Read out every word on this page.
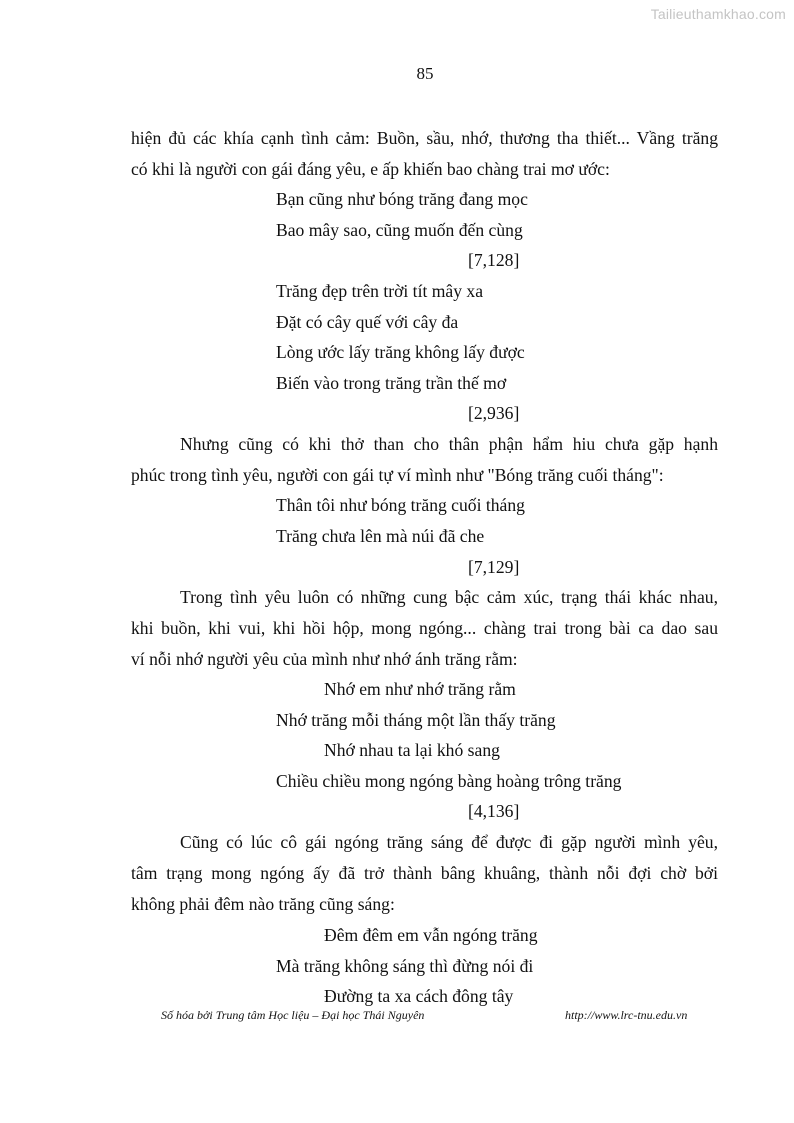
Tailieuthamkhao.com
85
hiện đủ các khía cạnh tình cảm: Buồn, sầu, nhớ, thương tha thiết... Vầng trăng
có khi là người con gái đáng yêu, e ấp khiến bao chàng trai mơ ước:
Bạn cũng như bóng trăng đang mọc
Bao mây sao, cũng muốn đến cùng
[7,128]
Trăng đẹp trên trời tít mây xa
Đặt có cây quế với cây đa
Lòng ước lấy trăng không lấy được
Biến vào trong trăng trần thế mơ
[2,936]
Nhưng cũng có khi thở than cho thân phận hẩm hiu chưa gặp hạnh
phúc trong tình yêu, người con gái tự ví mình như "Bóng trăng cuối tháng":
Thân tôi như bóng trăng cuối tháng
Trăng chưa lên mà núi đã che
[7,129]
Trong tình yêu luôn có những cung bậc cảm xúc, trạng thái khác nhau,
khi buồn, khi vui, khi hồi hộp, mong ngóng... chàng trai trong bài ca dao sau
ví nỗi nhớ người yêu của mình như nhớ ánh trăng rằm:
Nhớ em như nhớ trăng rằm
Nhớ trăng mỗi tháng một lần thấy trăng
Nhớ nhau ta lại khó sang
Chiều chiều mong ngóng bàng hoàng trông trăng
[4,136]
Cũng có lúc cô gái ngóng trăng sáng để được đi gặp người mình yêu,
tâm trạng mong ngóng ấy đã trở thành bâng khuâng, thành nỗi đợi chờ bởi
không phải đêm nào trăng cũng sáng:
Đêm đêm em vẫn ngóng trăng
Mà trăng không sáng thì đừng nói đi
Đường ta xa cách đông tây
Số hóa bởi Trung tâm Học liệu – Đại học Thái Nguyên	http://www.lrc-tnu.edu.vn
